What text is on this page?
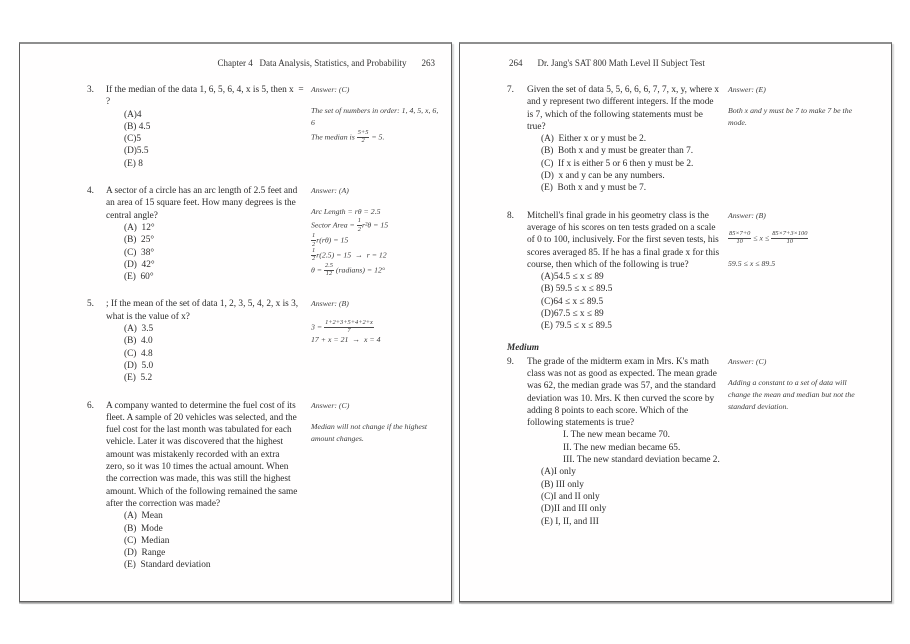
Chapter 4   Data Analysis, Statistics, and Probability 263
3.	If the median of the data 1, 6, 5, 6, 4, x is 5, then x  =
?
(A)4
(B) 4.5
(C)5
(D)5.5
(E) 8
Answer: (C)
The set of numbers in order: 1, 4, 5, x, 6,
6
The median is $\frac{5+5}{2} = 5$.
4.	A sector of a circle has an arc length of 2.5 feet and
an area of 15 square feet. How many degrees is the
central angle?
(A)  12°
(B)  25°
(C)  38°
(D)  42°
(E)  60°
Answer: (A)
Arc Length = rθ = 2.5
Sector Area = $\frac{1}{2} r^2\theta = 15$
$\frac{1}{2} r(r\theta) = 15$
$\frac{1}{2} r(2.5) = 15 \to r = 12$
$\theta = \frac{2.5}{12}$ (radians) = 12°
5.	; If the mean of the set of data 1, 2, 3, 5, 4, 2, x is 3,
what is the value of x?
(A)  3.5
(B)  4.0
(C)  4.8
(D)  5.0
(E)  5.2
Answer: (B)
$3 = \frac{1+2+3+5+4+2+x}{7}$
17 + x = 21  →  x = 4
6.	A company wanted to determine the fuel cost of its
fleet. A sample of 20 vehicles was selected, and the
fuel cost for the last month was tabulated for each
vehicle. Later it was discovered that the highest
amount was mistakenly recorded with an extra
zero, so it was 10 times the actual amount. When
the correction was made, this was still the highest
amount. Which of the following remained the same
after the correction was made?
(A)  Mean
(B)  Mode
(C)  Median
(D)  Range
(E)  Standard deviation
Answer: (C)
Median will not change if the highest
amount changes.
264 Dr. Jang's SAT 800 Math Level II Subject Test
7.	Given the set of data 5, 5, 6, 6, 6, 7, 7, x, y, where x
and y represent two different integers. If the mode
is 7, which of the following statements must be
true?
(A)  Either x or y must be 2.
(B)  Both x and y must be greater than 7.
(C)  If x is either 5 or 6 then y must be 2.
(D)  x and y can be any numbers.
(E)  Both x and y must be 7.
Answer: (E)
Both x and y must be 7 to make 7 be the
mode.
8.	Mitchell's final grade in his geometry class is the
average of his scores on ten tests graded on a scale
of 0 to 100, inclusively. For the first seven tests, his
scores averaged 85. If he has a final grade x for this
course, then which of the following is true?
(A)54.5 ≤ x ≤ 89
(B) 59.5 ≤ x ≤ 89.5
(C)64 ≤ x ≤ 89.5
(D)67.5 ≤ x ≤ 89
(E) 79.5 ≤ x ≤ 89.5
Answer: (B)
$\frac{85\times 7+0}{10} \le x \le \frac{85\times 7+3\times 100}{10}$

59.5 ≤ x ≤ 89.5
Medium
9.	The grade of the midterm exam in Mrs. K's math
class was not as good as expected. The mean grade
was 62, the median grade was 57, and the standard
deviation was 10. Mrs. K then curved the score by
adding 8 points to each score. Which of the
following statements is true?
I. The new mean became 70.
II. The new median became 65.
III. The new standard deviation became 2.
(A)I only
(B) III only
(C)I and II only
(D)II and III only
(E) I, II, and III
Answer: (C)
Adding a constant to a set of data will
change the mean and median but not the
standard deviation.
